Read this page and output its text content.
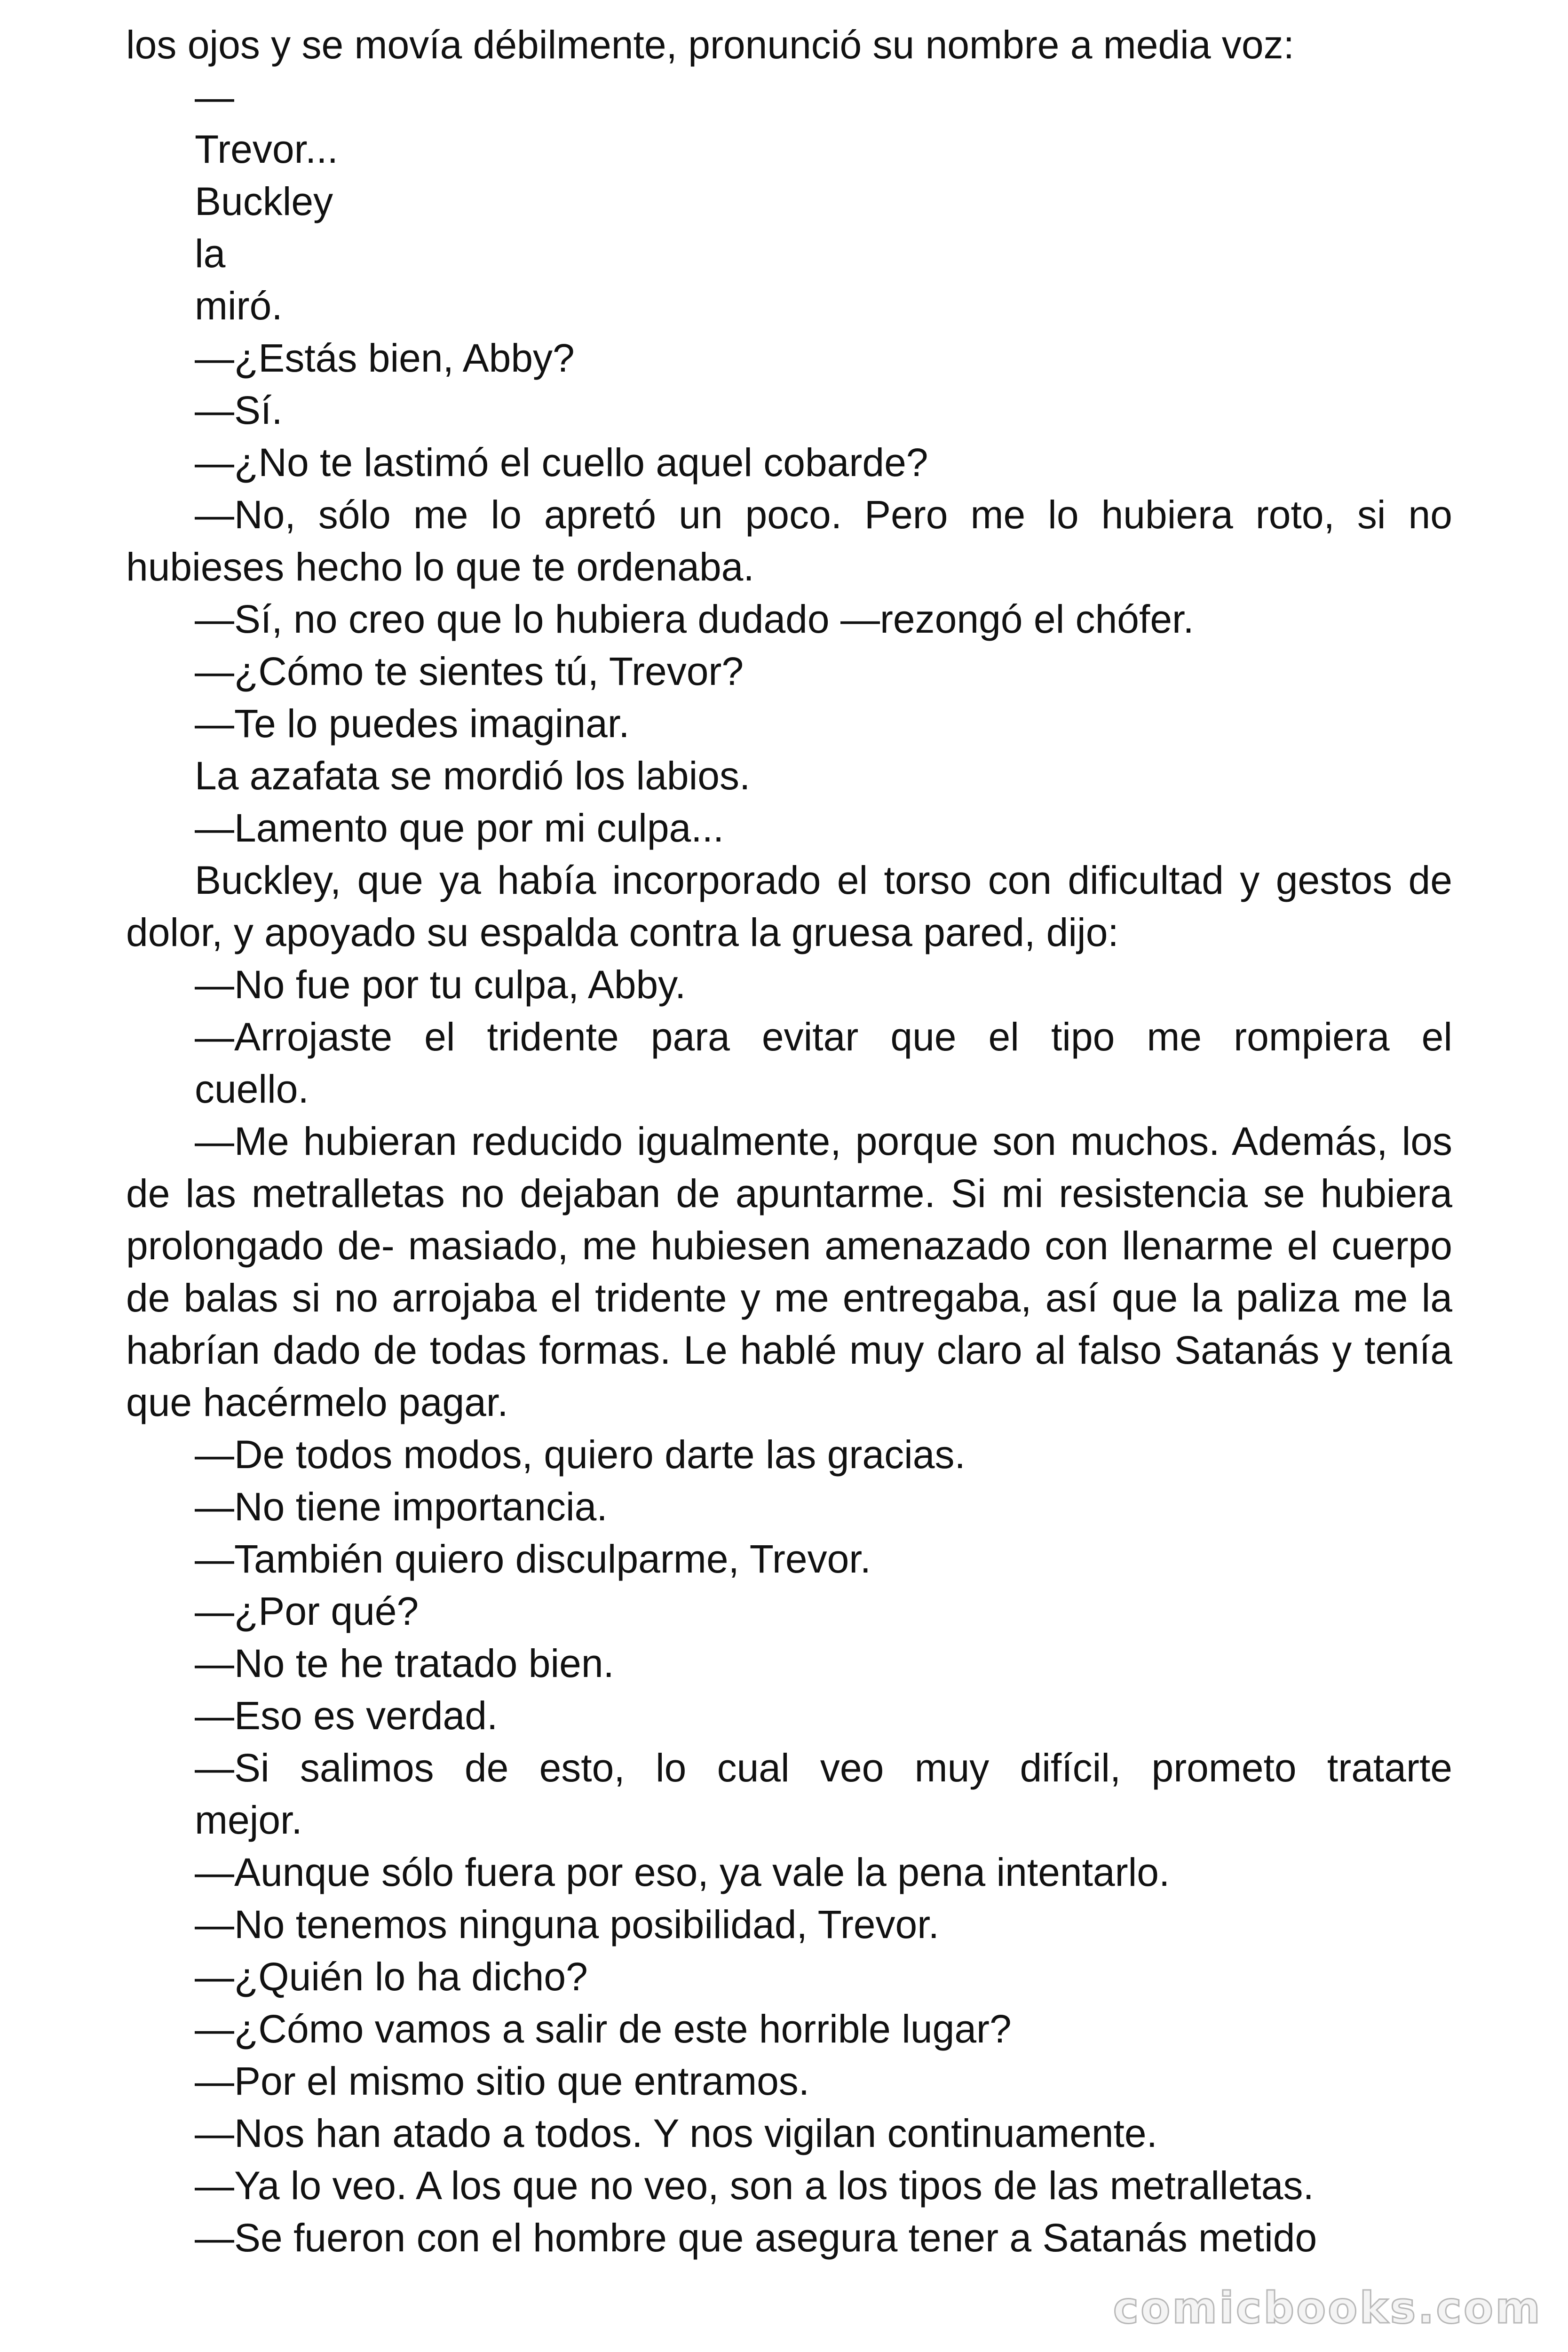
los ojos y se movía débilmente, pronunció su nombre a media voz:

—

Trevor...

Buckley

la

miró.

—¿Estás bien, Abby?

—Sí.

—¿No te lastimó el cuello aquel cobarde?

—No, sólo me lo apretó un poco. Pero me lo hubiera roto, si no hubieses hecho lo que te ordenaba.

—Sí, no creo que lo hubiera dudado —rezongó el chófer.

—¿Cómo te sientes tú, Trevor?

—Te lo puedes imaginar.

La azafata se mordió los labios.

—Lamento que por mi culpa...

Buckley, que ya había incorporado el torso con dificultad y gestos de dolor, y apoyado su espalda contra la gruesa pared, dijo:

—No fue por tu culpa, Abby.

—Arrojaste el tridente para evitar que el tipo me rompiera el

cuello.

—Me hubieran reducido igualmente, porque son muchos. Además, los de las metralletas no dejaban de apuntarme. Si mi resistencia se hubiera prolongado de- masiado, me hubiesen amenazado con llenarme el cuerpo de balas si no arrojaba el tridente y me entregaba, así que la paliza me la habrían dado de todas formas. Le hablé muy claro al falso Satanás y tenía que hacérmelo pagar.

—De todos modos, quiero darte las gracias.

—No tiene importancia.

—También quiero disculparme, Trevor.

—¿Por qué?

—No te he tratado bien.

—Eso es verdad.

—Si salimos de esto, lo cual veo muy difícil, prometo tratarte

mejor.

—Aunque sólo fuera por eso, ya vale la pena intentarlo.

—No tenemos ninguna posibilidad, Trevor.

—¿Quién lo ha dicho?

—¿Cómo vamos a salir de este horrible lugar?

—Por el mismo sitio que entramos.

—Nos han atado a todos. Y nos vigilan continuamente.

—Ya lo veo. A los que no veo, son a los tipos de las metralletas.

—Se fueron con el hombre que asegura tener a Satanás metido

comicbooks.com
